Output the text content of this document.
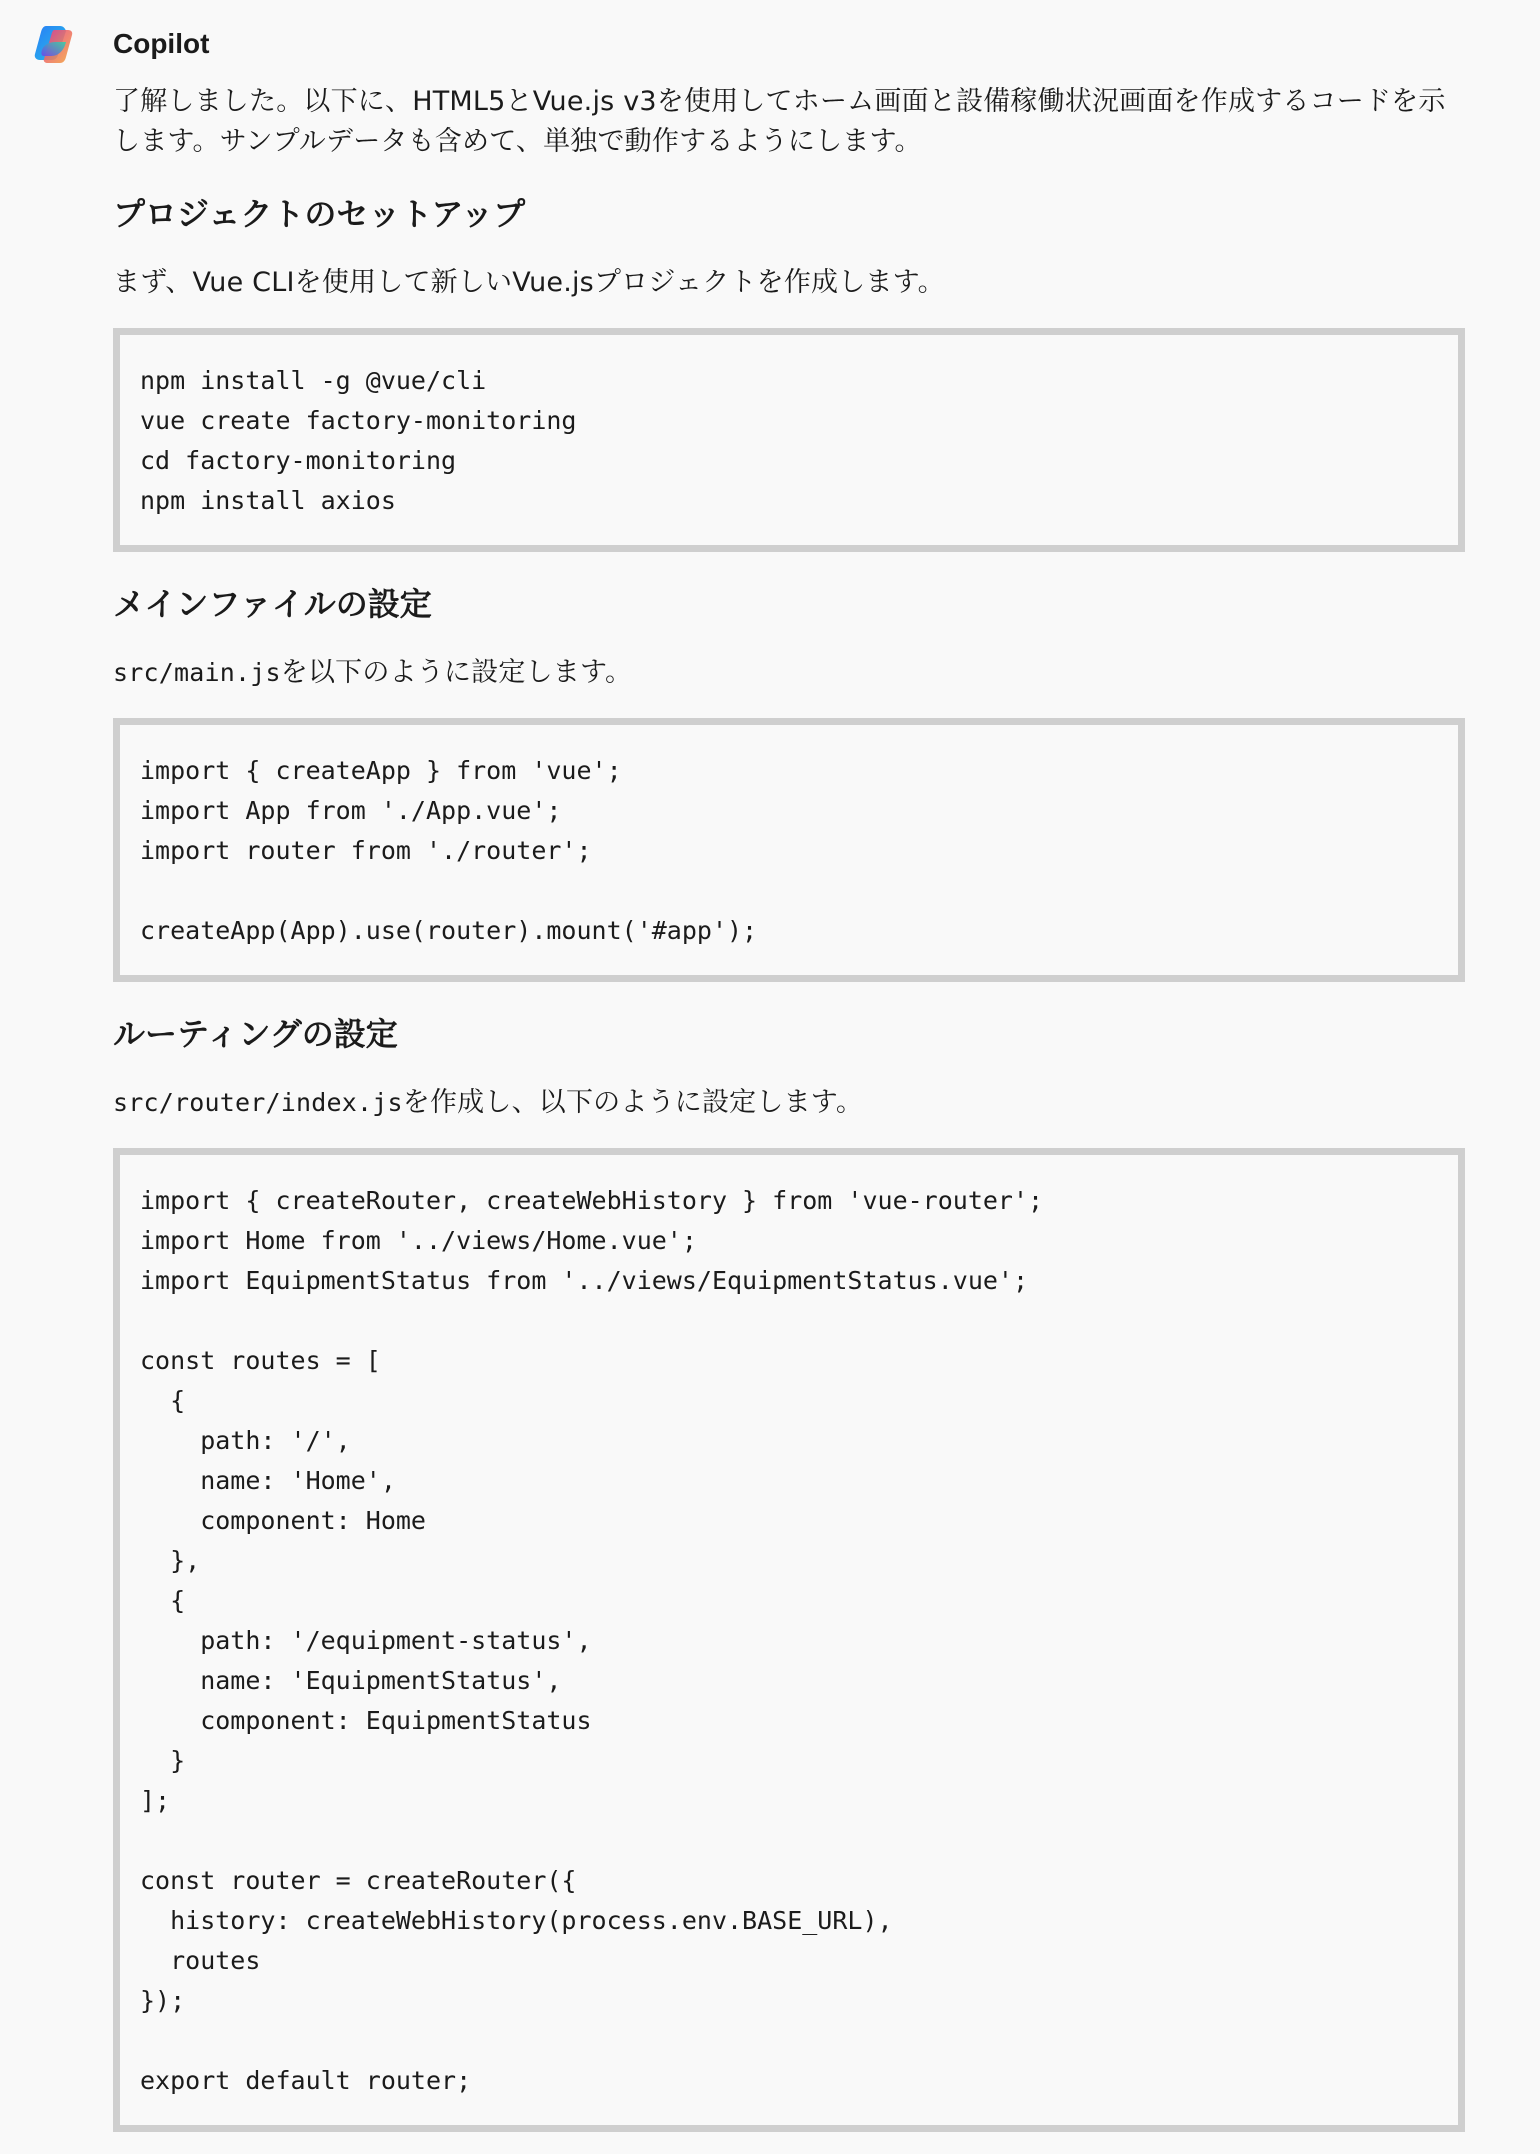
Copilot

了解しました。以下に、HTML5とVue.js v3を使用してホーム画面と設備稼働状況画面を作成するコードを示します。サンプルデータも含めて、単独で動作するようにします。

プロジェクトのセットアップ

まず、Vue CLIを使用して新しいVue.jsプロジェクトを作成します。

npm install -g @vue/cli
vue create factory-monitoring
cd factory-monitoring
npm install axios
メインファイルの設定

src/main.jsを以下のように設定します。

import { createApp } from 'vue';
import App from './App.vue';
import router from './router';
createApp(App).use(router).mount('#app');
ルーティングの設定

src/router/index.jsを作成し、以下のように設定します。

import { createRouter, createWebHistory } from 'vue-router';
import Home from '../views/Home.vue';
import EquipmentStatus from '../views/EquipmentStatus.vue';
const routes = [
{
path: '/',
name: 'Home',
component: Home
},
{
path: '/equipment-status',
name: 'EquipmentStatus',
component: EquipmentStatus
}
];
const router = createRouter({
history: createWebHistory(process.env.BASE_URL),
routes
});
export default router;
